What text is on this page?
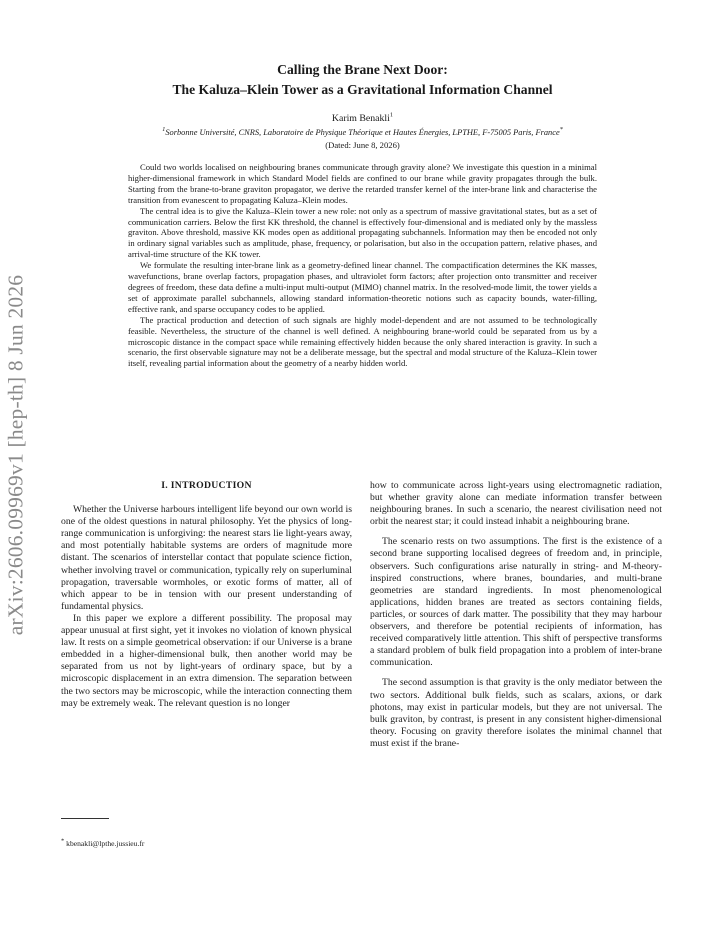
arXiv:2606.09969v1 [hep-th] 8 Jun 2026
Calling the Brane Next Door:
The Kaluza–Klein Tower as a Gravitational Information Channel
Karim Benakli$^1$
$^1$Sorbonne Université, CNRS, Laboratoire de Physique Théorique et Hautes Énergies, LPTHE, F-75005 Paris, France*
(Dated: June 8, 2026)

Could two worlds localised on neighbouring branes communicate through gravity alone? We investigate this question in a minimal higher-dimensional framework in which Standard Model fields are confined to our brane while gravity propagates through the bulk. Starting from the brane-to-brane graviton propagator, we derive the retarded transfer kernel of the inter-brane link and characterise the transition from evanescent to propagating Kaluza–Klein modes.

The central idea is to give the Kaluza–Klein tower a new role: not only as a spectrum of massive gravitational states, but as a set of communication carriers. Below the first KK threshold, the channel is effectively four-dimensional and is mediated only by the massless graviton. Above threshold, massive KK modes open as additional propagating subchannels. Information may then be encoded not only in ordinary signal variables such as amplitude, phase, frequency, or polarisation, but also in the occupation pattern, relative phases, and arrival-time structure of the KK tower.

We formulate the resulting inter-brane link as a geometry-defined linear channel. The compactification determines the KK masses, wavefunctions, brane overlap factors, propagation phases, and ultraviolet form factors; after projection onto transmitter and receiver degrees of freedom, these data define a multi-input multi-output (MIMO) channel matrix. In the resolved-mode limit, the tower yields a set of approximate parallel subchannels, allowing standard information-theoretic notions such as capacity bounds, water-filling, effective rank, and sparse occupancy codes to be applied.

The practical production and detection of such signals are highly model-dependent and are not assumed to be technologically feasible. Nevertheless, the structure of the channel is well defined. A neighbouring brane-world could be separated from us by a microscopic distance in the compact space while remaining effectively hidden because the only shared interaction is gravity. In such a scenario, the first observable signature may not be a deliberate message, but the spectral and modal structure of the Kaluza–Klein tower itself, revealing partial information about the geometry of a nearby hidden world.

I. INTRODUCTION

Whether the Universe harbours intelligent life beyond our own world is one of the oldest questions in natural philosophy. Yet the physics of long-range communication is unforgiving: the nearest stars lie light-years away, and most potentially habitable systems are orders of magnitude more distant. The scenarios of interstellar contact that populate science fiction, whether involving travel or communication, typically rely on superluminal propagation, traversable wormholes, or exotic forms of matter, all of which appear to be in tension with our present understanding of fundamental physics.

In this paper we explore a different possibility. The proposal may appear unusual at first sight, yet it invokes no violation of known physical law. It rests on a simple geometrical observation: if our Universe is a brane embedded in a higher-dimensional bulk, then another world may be separated from us not by light-years of ordinary space, but by a microscopic displacement in an extra dimension. The separation between the two sectors may be microscopic, while the interaction connecting them may be extremely weak. The relevant question is no longer

how to communicate across light-years using electromagnetic radiation, but whether gravity alone can mediate information transfer between neighbouring branes. In such a scenario, the nearest civilisation need not orbit the nearest star; it could instead inhabit a neighbouring brane.

The scenario rests on two assumptions. The first is the existence of a second brane supporting localised degrees of freedom and, in principle, observers. Such configurations arise naturally in string- and M-theory-inspired constructions, where branes, boundaries, and multi-brane geometries are standard ingredients. In most phenomenological applications, hidden branes are treated as sectors containing fields, particles, or sources of dark matter. The possibility that they may harbour observers, and therefore be potential recipients of information, has received comparatively little attention. This shift of perspective transforms a standard problem of bulk field propagation into a problem of inter-brane communication.

The second assumption is that gravity is the only mediator between the two sectors. Additional bulk fields, such as scalars, axions, or dark photons, may exist in particular models, but they are not universal. The bulk graviton, by contrast, is present in any consistent higher-dimensional theory. Focusing on gravity therefore isolates the minimal channel that must exist if the brane-

* kbenakli@lpthe.jussieu.fr
